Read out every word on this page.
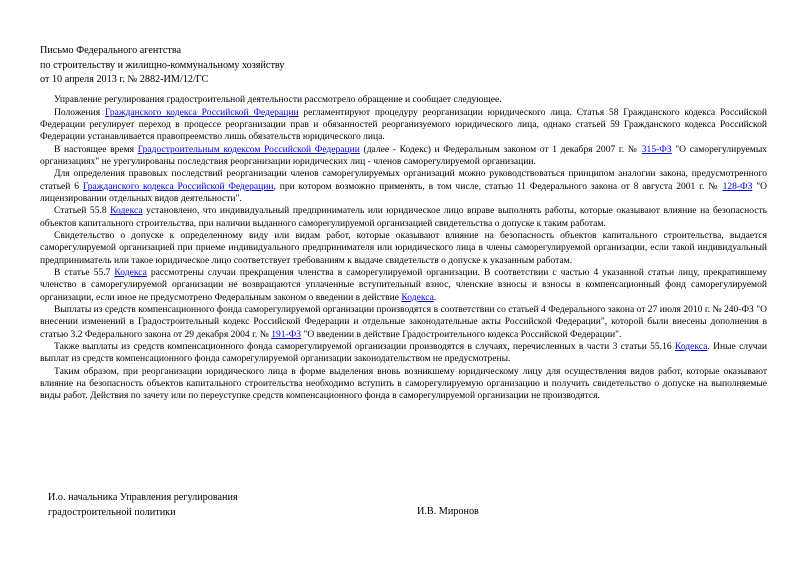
Письмо Федерального агентства
по строительству и жилищно-коммунальному хозяйству
от 10 апреля 2013 г. № 2882-ИМ/12/ГС

Управление регулирования градостроительной деятельности рассмотрело обращение и сообщает следующее.

Положения Гражданского кодекса Российской Федерации регламентируют процедуру реорганизации юридического лица. Статья 58 Гражданского кодекса Российской Федерации регулирует переход в процессе реорганизации прав и обязанностей реорганизуемого юридического лица, однако статьей 59 Гражданского кодекса Российской Федерации устанавливается правопреемство лишь обязательств юридического лица.

В настоящее время Градостроительным кодексом Российской Федерации (далее - Кодекс) и Федеральным законом от 1 декабря 2007 г. № 315-ФЗ "О саморегулируемых организациях" не урегулированы последствия реорганизации юридических лиц - членов саморегулируемой организации.

Для определения правовых последствий реорганизации членов саморегулируемых организаций можно руководствоваться принципом аналогии закона, предусмотренного статьей 6 Гражданского кодекса Российской Федерации, при котором возможно применять, в том числе, статью 11 Федерального закона от 8 августа 2001 г. № 128-ФЗ "О лицензировании отдельных видов деятельности".

Статьей 55.8 Кодекса установлено, что индивидуальный предприниматель или юридическое лицо вправе выполнять работы, которые оказывают влияние на безопасность объектов капитального строительства, при наличии выданного саморегулируемой организацией свидетельства о допуске к таким работам.

Свидетельство о допуске к определенному виду или видам работ, которые оказывают влияние на безопасность объектов капитального строительства, выдается саморегулируемой организацией при приеме индивидуального предпринимателя или юридического лица в члены саморегулируемой организации, если такой индивидуальный предприниматель или такое юридическое лицо соответствует требованиям к выдаче свидетельств о допуске к указанным работам.

В статье 55.7 Кодекса рассмотрены случаи прекращения членства в саморегулируемой организации. В соответствии с частью 4 указанной статьи лицу, прекратившему членство в саморегулируемой организации не возвращаются уплаченные вступительный взнос, членские взносы и взносы в компенсационный фонд саморегулируемой организации, если иное не предусмотрено Федеральным законом о введении в действие Кодекса.

Выплаты из средств компенсационного фонда саморегулируемой организации производятся в соответствии со статьей 4 Федерального закона от 27 июля 2010 г. № 240-ФЗ "О внесении изменений в Градостроительный кодекс Российской Федерации и отдельные законодательные акты Российской Федерации", которой были внесены дополнения в статью 3.2 Федерального закона от 29 декабря 2004 г. № 191-ФЗ "О введении в действие Градостроительного кодекса Российской Федерации".

Также выплаты из средств компенсационного фонда саморегулируемой организации производятся в случаях, перечисленных в части 3 статьи 55.16 Кодекса. Иные случаи выплат из средств компенсационного фонда саморегулируемой организации законодательством не предусмотрены.

Таким образом, при реорганизации юридического лица в форме выделения вновь возникшему юридическому лицу для осуществления видов работ, которые оказывают влияние на безопасность объектов капитального строительства необходимо вступить в саморегулируемую организацию и получить свидетельство о допуске на выполняемые виды работ. Действия по зачету или по переуступке средств компенсационного фонда в саморегулируемой организации не производятся.

И.о. начальника Управления регулирования
градостроительной политики	И.В. Миронов
